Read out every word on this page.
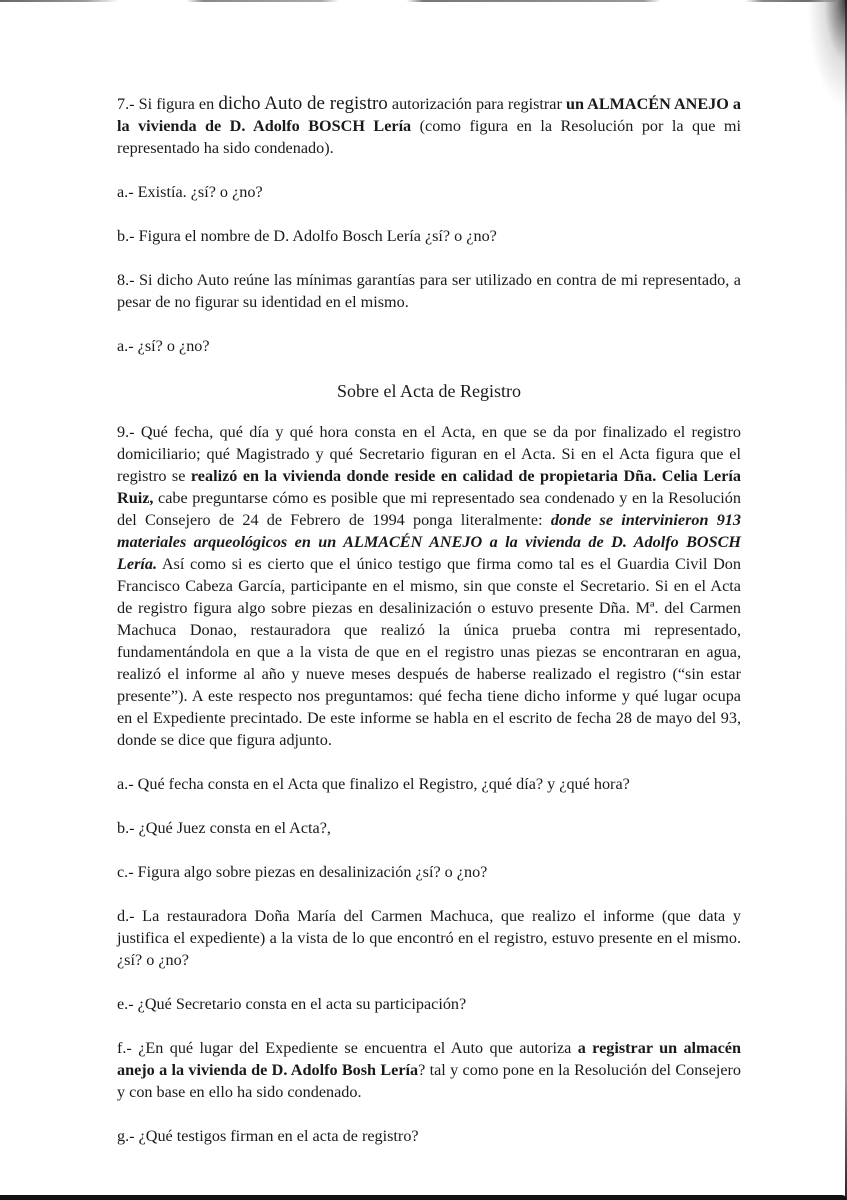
7.- Si figura en dicho Auto de registro autorización para registrar un ALMACÉN ANEJO a la vivienda de D. Adolfo BOSCH Lería (como figura en la Resolución por la que mi representado ha sido condenado).

a.- Existía. ¿sí? o ¿no?

b.- Figura el nombre de D. Adolfo Bosch Lería ¿sí? o ¿no?

8.- Si dicho Auto reúne las mínimas garantías para ser utilizado en contra de mi representado, a pesar de no figurar su identidad en el mismo.

a.- ¿sí? o ¿no?

Sobre el Acta de Registro

9.- Qué fecha, qué día y qué hora consta en el Acta, en que se da por finalizado el registro domiciliario; qué Magistrado y qué Secretario figuran en el Acta. Si en el Acta figura que el registro se realizó en la vivienda donde reside en calidad de propietaria Dña. Celia Lería Ruiz, cabe preguntarse cómo es posible que mi representado sea condenado y en la Resolución del Consejero de 24 de Febrero de 1994 ponga literalmente: donde se intervinieron 913 materiales arqueológicos en un ALMACÉN ANEJO a la vivienda de D. Adolfo BOSCH Lería. Así como si es cierto que el único testigo que firma como tal es el Guardia Civil Don Francisco Cabeza García, participante en el mismo, sin que conste el Secretario. Si en el Acta de registro figura algo sobre piezas en desalinización o estuvo presente Dña. Mª. del Carmen Machuca Donao, restauradora que realizó la única prueba contra mi representado, fundamentándola en que a la vista de que en el registro unas piezas se encontraran en agua, realizó el informe al año y nueve meses después de haberse realizado el registro (“sin estar presente”). A este respecto nos preguntamos: qué fecha tiene dicho informe y qué lugar ocupa en el Expediente precintado. De este informe se habla en el escrito de fecha 28 de mayo del 93, donde se dice que figura adjunto.

a.- Qué fecha consta en el Acta que finalizo el Registro, ¿qué día? y ¿qué hora?

b.- ¿Qué Juez consta en el Acta?,

c.- Figura algo sobre piezas en desalinización ¿sí? o ¿no?

d.- La restauradora Doña María del Carmen Machuca, que realizo el informe (que data y justifica el expediente) a la vista de lo que encontró en el registro, estuvo presente en el mismo. ¿sí? o ¿no?

e.- ¿Qué Secretario consta en el acta su participación?

f.- ¿En qué lugar del Expediente se encuentra el Auto que autoriza a registrar un almacén anejo a la vivienda de D. Adolfo Bosh Lería? tal y como pone en la Resolución del Consejero y con base en ello ha sido condenado.

g.- ¿Qué testigos firman en el acta de registro?
